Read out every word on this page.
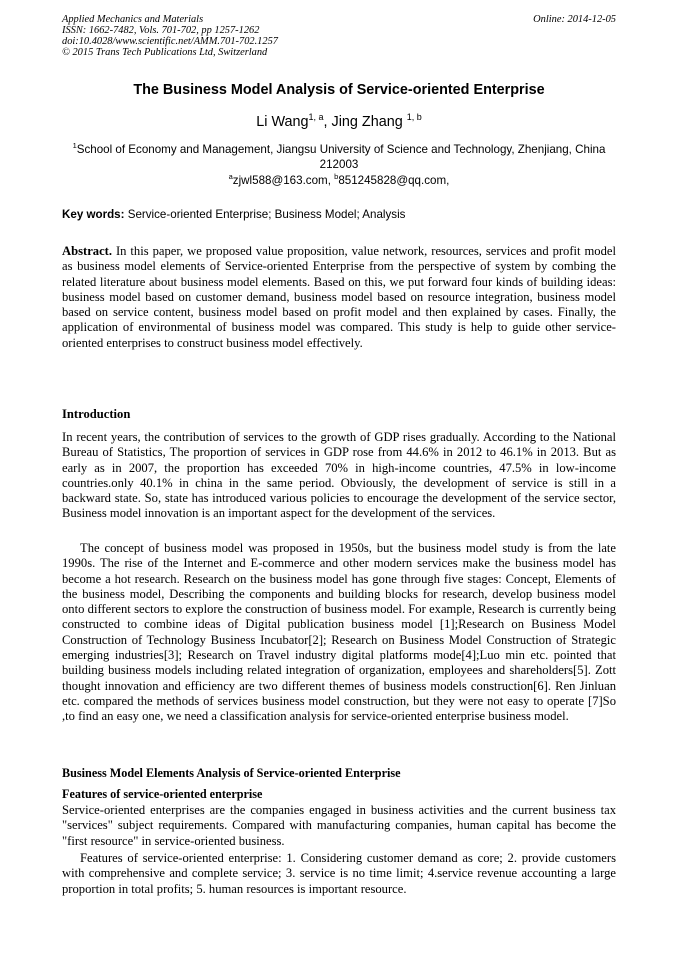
Applied Mechanics and Materials
ISSN: 1662-7482, Vols. 701-702, pp 1257-1262
doi:10.4028/www.scientific.net/AMM.701-702.1257
© 2015 Trans Tech Publications Ltd, Switzerland
Online: 2014-12-05
The Business Model Analysis of Service-oriented Enterprise
Li Wang$^{1, a}$, Jing Zhang $^{1, b}$
$^1$School of Economy and Management, Jiangsu University of Science and Technology, Zhenjiang, China 212003
$^a$zjwl588@163.com, $^b$851245828@qq.com,
Key words: Service-oriented Enterprise; Business Model; Analysis
Abstract. In this paper, we proposed value proposition, value network, resources, services and profit model as business model elements of Service-oriented Enterprise from the perspective of system by combing the related literature about business model elements. Based on this, we put forward four kinds of building ideas: business model based on customer demand, business model based on resource integration, business model based on service content, business model based on profit model and then explained by cases. Finally, the application of environmental of business model was compared. This study is help to guide other service-oriented enterprises to construct business model effectively.
Introduction
In recent years, the contribution of services to the growth of GDP rises gradually. According to the National Bureau of Statistics, The proportion of services in GDP rose from 44.6% in 2012 to 46.1% in 2013. But as early as in 2007, the proportion has exceeded 70% in high-income countries, 47.5% in low-income countries.only 40.1% in china in the same period. Obviously, the development of service is still in a backward state. So, state has introduced various policies to encourage the development of the service sector, Business model innovation is an important aspect for the development of the services.
The concept of business model was proposed in 1950s, but the business model study is from the late 1990s. The rise of the Internet and E-commerce and other modern services make the business model has become a hot research. Research on the business model has gone through five stages: Concept, Elements of the business model, Describing the components and building blocks for research, develop business model onto different sectors to explore the construction of business model. For example, Research is currently being constructed to combine ideas of Digital publication business model [1];Research on Business Model Construction of Technology Business Incubator[2]; Research on Business Model Construction of Strategic emerging industries[3]; Research on Travel industry digital platforms mode[4];Luo min etc. pointed that building business models including related integration of organization, employees and shareholders[5]. Zott thought innovation and efficiency are two different themes of business models construction[6]. Ren Jinluan etc. compared the methods of services business model construction, but they were not easy to operate [7]So ,to find an easy one, we need a classification analysis for service-oriented enterprise business model.
Business Model Elements Analysis of Service-oriented Enterprise
Features of service-oriented enterprise
Service-oriented enterprises are the companies engaged in business activities and the current business tax "services" subject requirements. Compared with manufacturing companies, human capital has become the "first resource" in service-oriented business.
Features of service-oriented enterprise: 1. Considering customer demand as core; 2. provide customers with comprehensive and complete service; 3. service is no time limit; 4.service revenue accounting a large proportion in total profits; 5. human resources is important resource.
